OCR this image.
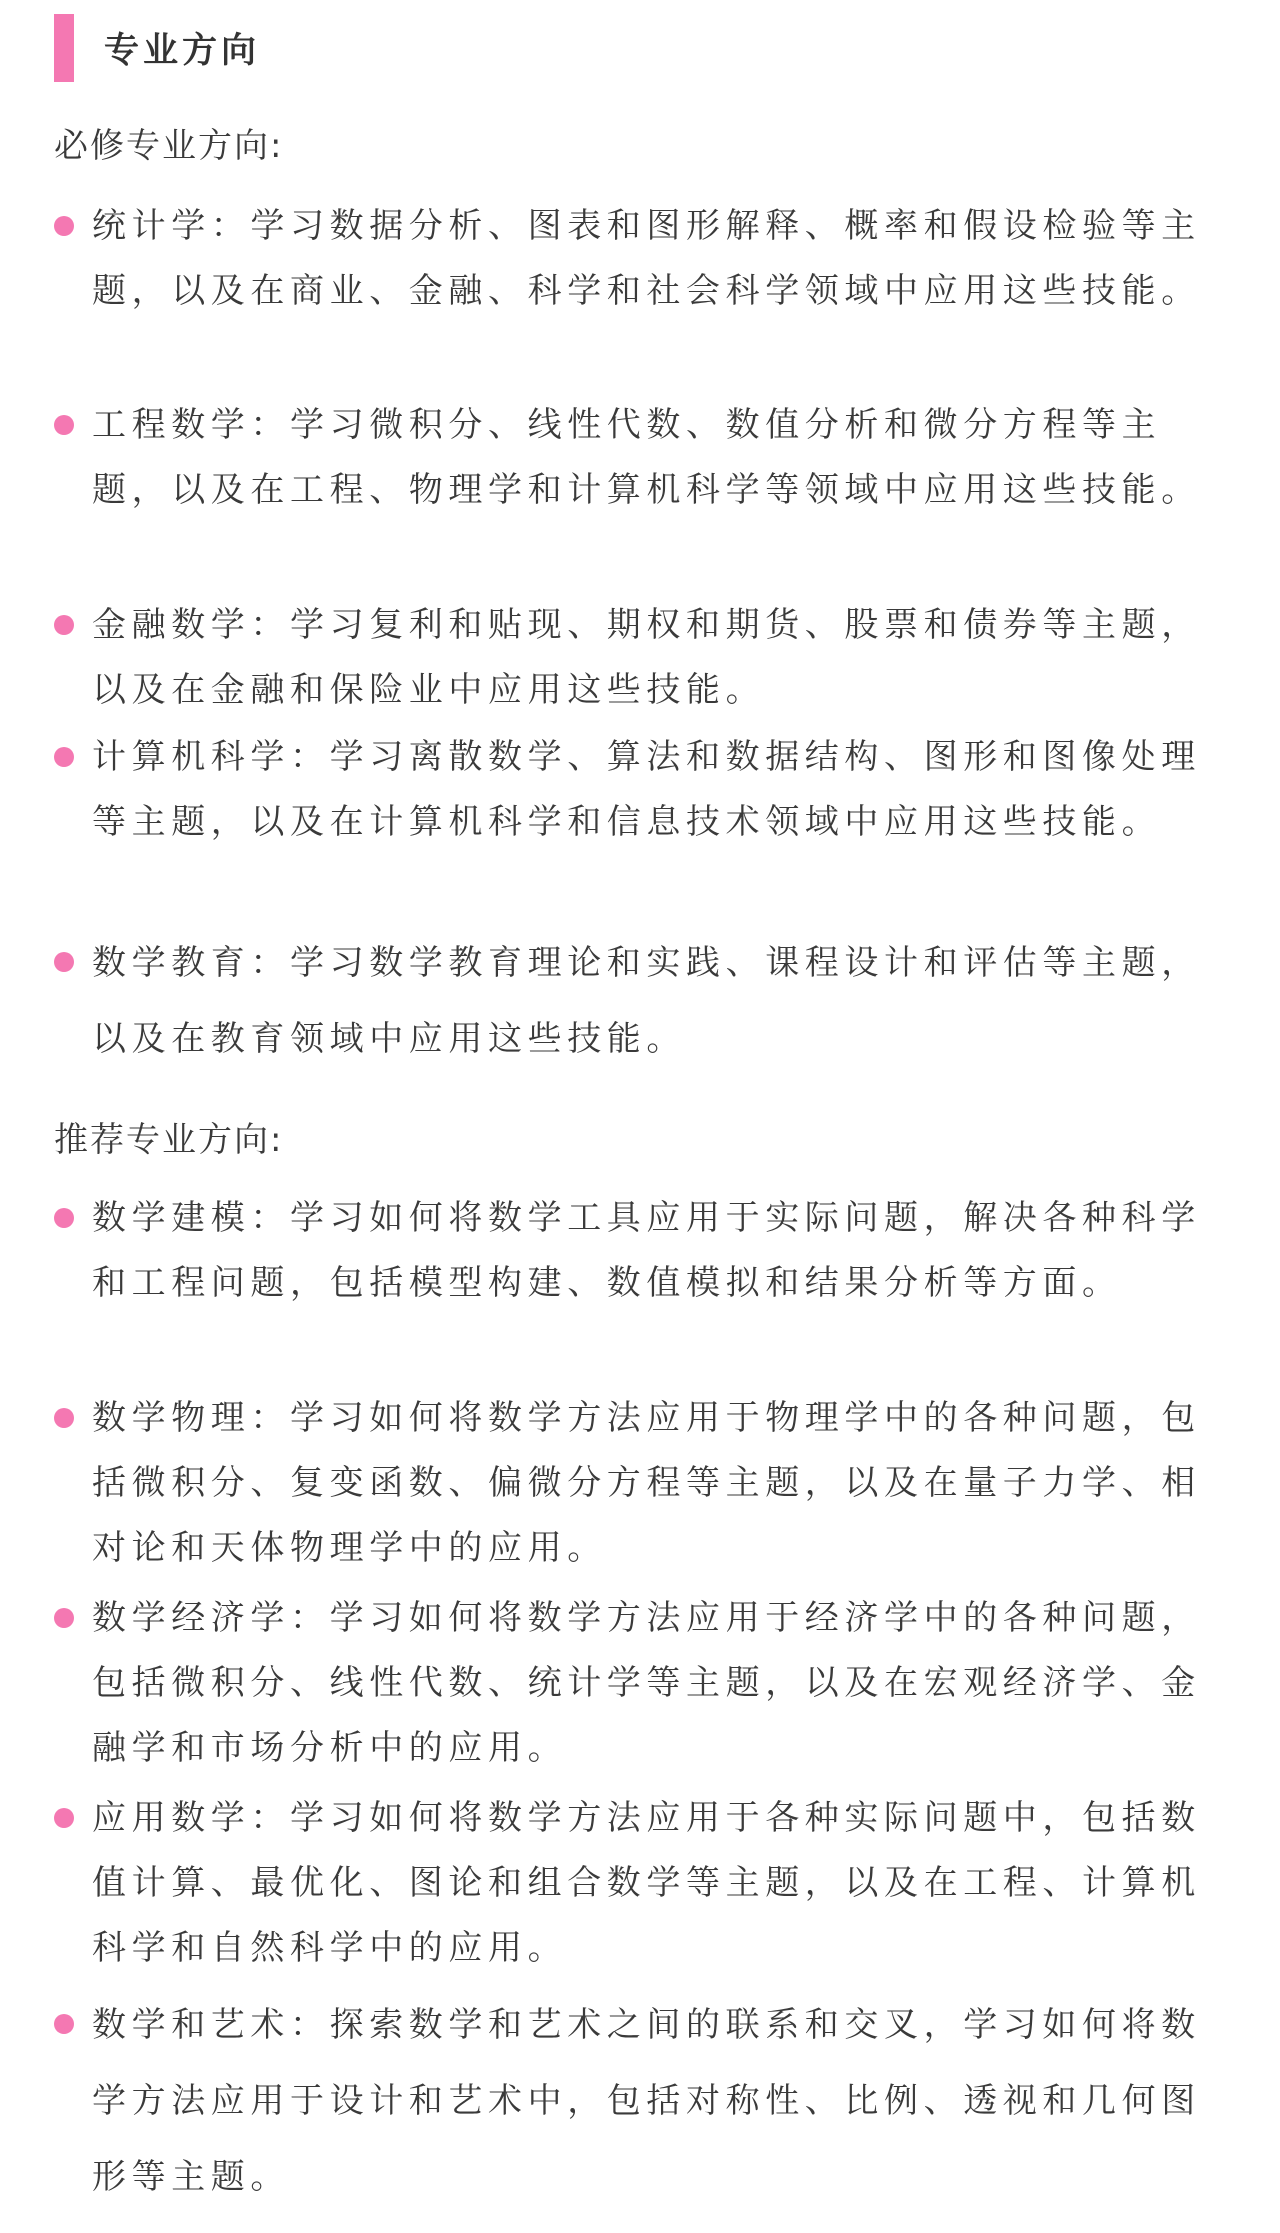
专业方向
必修专业方向:
统计学：学习数据分析、图表和图形解释、概率和假设检验等主题，以及在商业、金融、科学和社会科学领域中应用这些技能。
工程数学：学习微积分、线性代数、数值分析和微分方程等主题，以及在工程、物理学和计算机科学等领域中应用这些技能。
金融数学：学习复利和贴现、期权和期货、股票和债券等主题，以及在金融和保险业中应用这些技能。
计算机科学：学习离散数学、算法和数据结构、图形和图像处理等主题，以及在计算机科学和信息技术领域中应用这些技能。
数学教育：学习数学教育理论和实践、课程设计和评估等主题，以及在教育领域中应用这些技能。
推荐专业方向:
数学建模：学习如何将数学工具应用于实际问题，解决各种科学和工程问题，包括模型构建、数值模拟和结果分析等方面。
数学物理：学习如何将数学方法应用于物理学中的各种问题，包括微积分、复变函数、偏微分方程等主题，以及在量子力学、相对论和天体物理学中的应用。
数学经济学：学习如何将数学方法应用于经济学中的各种问题，包括微积分、线性代数、统计学等主题，以及在宏观经济学、金融学和市场分析中的应用。
应用数学：学习如何将数学方法应用于各种实际问题中，包括数值计算、最优化、图论和组合数学等主题，以及在工程、计算机科学和自然科学中的应用。
数学和艺术：探索数学和艺术之间的联系和交叉，学习如何将数学方法应用于设计和艺术中，包括对称性、比例、透视和几何图形等主题。
